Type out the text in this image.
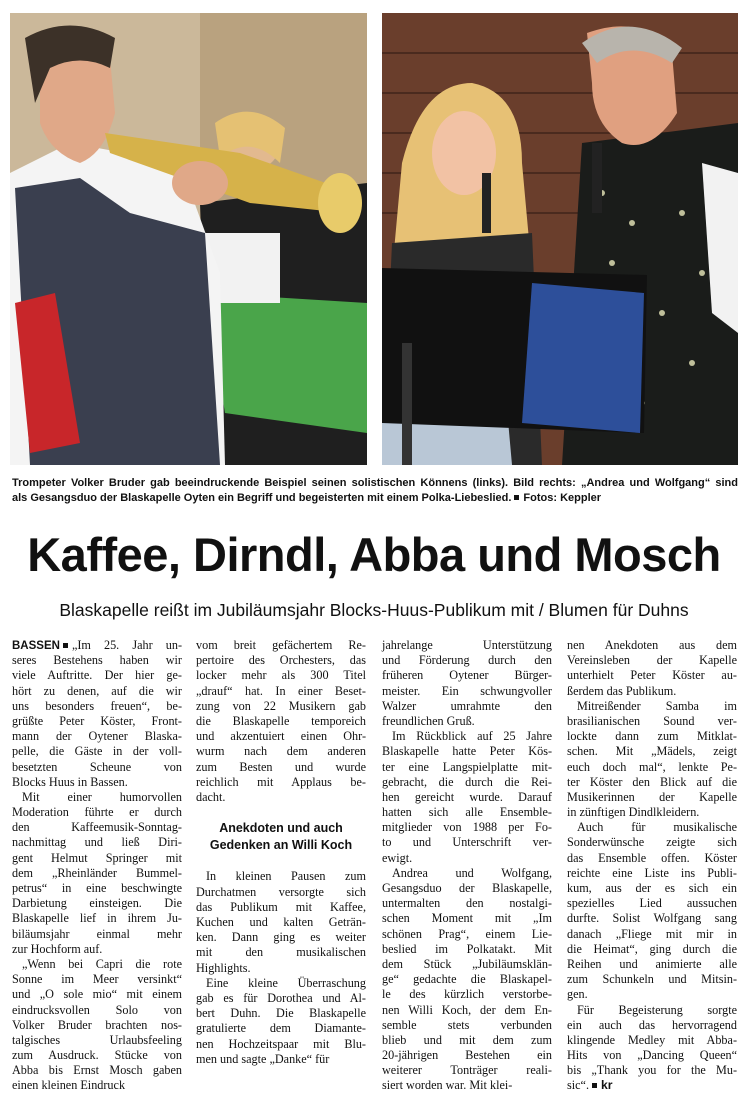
Trompeter Volker Bruder gab beeindruckende Beispiel seinen solistischen Könnens (links). Bild rechts: „Andrea und Wolfgang“ sind
als Gesangsduo der Blaskapelle Oyten ein Begriff und begeisterten mit einem Polka-Liebeslied. Fotos: Keppler
Kaffee, Dirndl, Abba und Mosch
Blaskapelle reißt im Jubiläumsjahr Blocks-Huus-Publikum mit / Blumen für Duhns
BASSEN „Im 25. Jahr un-
seres Bestehens haben wir
viele Auftritte. Der hier ge-
hört zu denen, auf die wir
uns besonders freuen“, be-
grüßte Peter Köster, Front-
mann der Oytener Blaska-
pelle, die Gäste in der voll-
besetzten Scheune von
Blocks Huus in Bassen.
Mit einer humorvollen
Moderation führte er durch
den Kaffeemusik-Sonntag-
nachmittag und ließ Diri-
gent Helmut Springer mit
dem „Rheinländer Bummel-
petrus“ in eine beschwingte
Darbietung einsteigen. Die
Blaskapelle lief in ihrem Ju-
biläumsjahr einmal mehr
zur Hochform auf.
„Wenn bei Capri die rote
Sonne im Meer versinkt“
und „O sole mio“ mit einem
eindrucksvollen Solo von
Volker Bruder brachten nos-
talgisches Urlaubsfeeling
zum Ausdruck. Stücke von
Abba bis Ernst Mosch gaben
einen kleinen Eindruck
vom breit gefächertem Re-
pertoire des Orchesters, das
locker mehr als 300 Titel
„drauf“ hat. In einer Beset-
zung von 22 Musikern gab
die Blaskapelle temporeich
und akzentuiert einen Ohr-
wurm nach dem anderen
zum Besten und wurde
reichlich mit Applaus be-
dacht.
Anekdoten und auch
Gedenken an Willi Koch
In kleinen Pausen zum
Durchatmen versorgte sich
das Publikum mit Kaffee,
Kuchen und kalten Geträn-
ken. Dann ging es weiter
mit den musikalischen
Highlights.
Eine kleine Überraschung
gab es für Dorothea und Al-
bert Duhn. Die Blaskapelle
gratulierte dem Diamante-
nen Hochzeitspaar mit Blu-
men und sagte „Danke“ für
jahrelange Unterstützung
und Förderung durch den
früheren Oytener Bürger-
meister. Ein schwungvoller
Walzer umrahmte den
freundlichen Gruß.
Im Rückblick auf 25 Jahre
Blaskapelle hatte Peter Kös-
ter eine Langspielplatte mit-
gebracht, die durch die Rei-
hen gereicht wurde. Darauf
hatten sich alle Ensemble-
mitglieder von 1988 per Fo-
to und Unterschrift ver-
ewigt.
Andrea und Wolfgang,
Gesangsduo der Blaskapelle,
untermalten den nostalgi-
schen Moment mit „Im
schönen Prag“, einem Lie-
beslied im Polkatakt. Mit
dem Stück „Jubiläumsklän-
ge“ gedachte die Blaskapel-
le des kürzlich verstorbe-
nen Willi Koch, der dem En-
semble stets verbunden
blieb und mit dem zum
20-jährigen Bestehen ein
weiterer Tonträger reali-
siert worden war. Mit klei-
nen Anekdoten aus dem
Vereinsleben der Kapelle
unterhielt Peter Köster au-
ßerdem das Publikum.
Mitreißender Samba im
brasilianischen Sound ver-
lockte dann zum Mitklat-
schen. Mit „Mädels, zeigt
euch doch mal“, lenkte Pe-
ter Köster den Blick auf die
Musikerinnen der Kapelle
in zünftigen Dindlkleidern.
Auch für musikalische
Sonderwünsche zeigte sich
das Ensemble offen. Köster
reichte eine Liste ins Publi-
kum, aus der es sich ein
spezielles Lied aussuchen
durfte. Solist Wolfgang sang
danach „Fliege mit mir in
die Heimat“, ging durch die
Reihen und animierte alle
zum Schunkeln und Mitsin-
gen.
Für Begeisterung sorgte
ein auch das hervorragend
klingende Medley mit Abba-
Hits von „Dancing Queen“
bis „Thank you for the Mu-
sic“. kr
